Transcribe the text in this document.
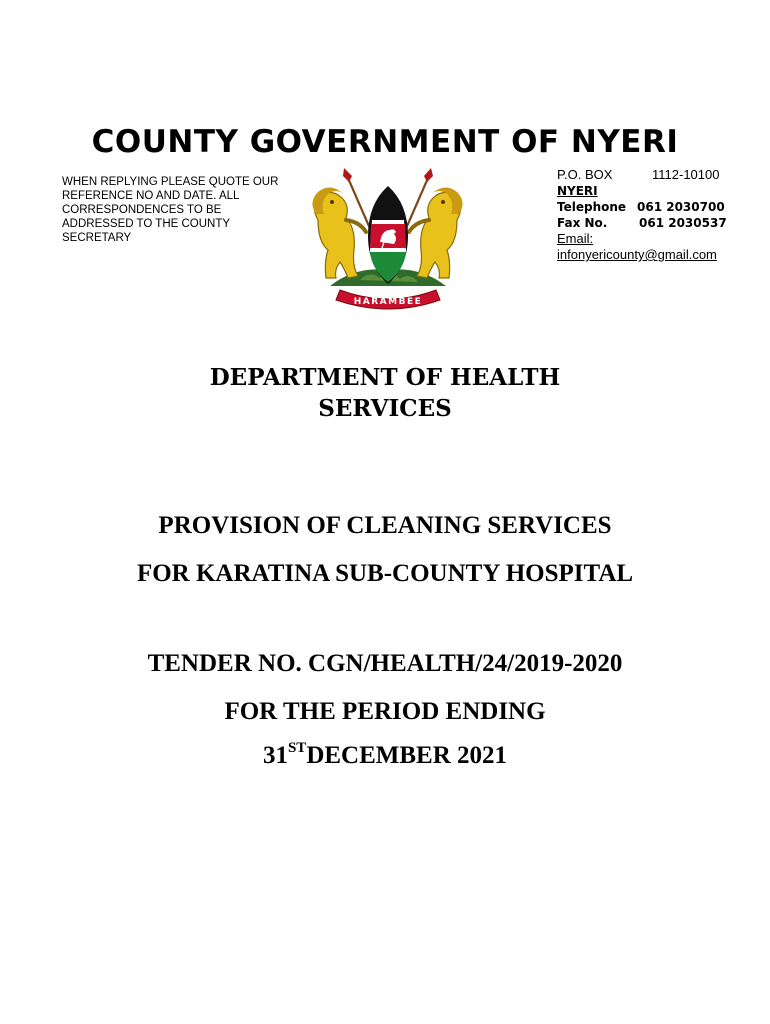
COUNTY GOVERNMENT OF NYERI

WHEN REPLYING PLEASE QUOTE OUR REFERENCE NO AND DATE. ALL CORRESPONDENCES TO BE ADDRESSED TO THE COUNTY SECRETARY

P.O. BOX	1112-10100
NYERI
Telephone 061 2030700
Fax No.	061 2030537
Email:
infonyericounty@gmail.com
HARAMBEE
DEPARTMENT OF HEALTH
SERVICES

PROVISION OF CLEANING SERVICES

FOR KARATINA SUB-COUNTY HOSPITAL

TENDER NO. CGN/HEALTH/24/2019-2020

FOR THE PERIOD ENDING

31STDECEMBER 2021
